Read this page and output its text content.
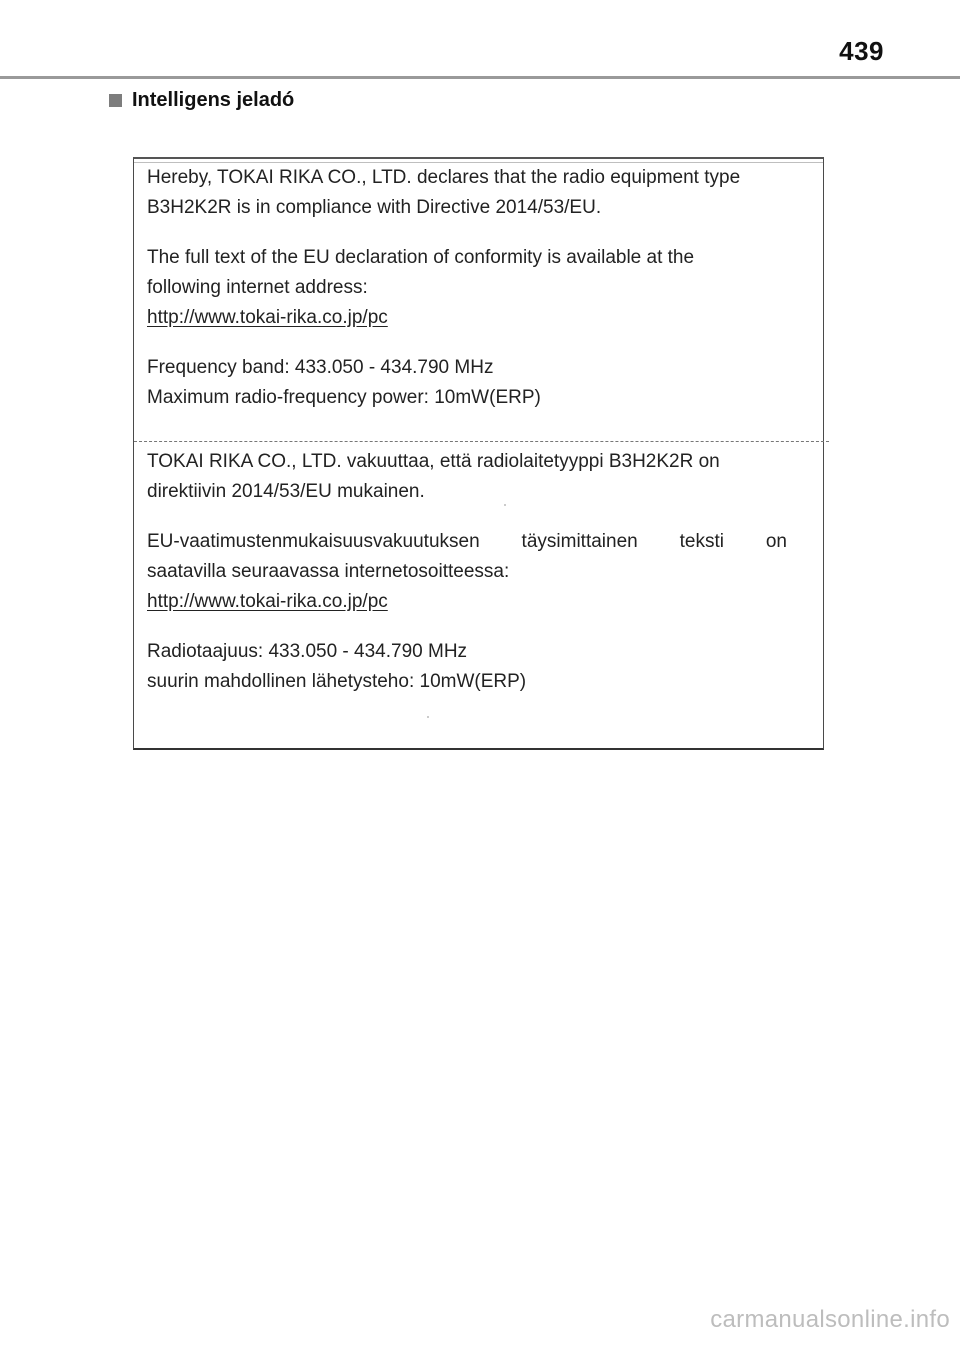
439
Intelligens jeladó

Hereby, TOKAI RIKA CO., LTD. declares that the radio equipment type

B3H2K2R is in compliance with Directive 2014/53/EU.

The full text of the EU declaration of conformity is available at the

following internet address:

http://www.tokai-rika.co.jp/pc

Frequency band: 433.050 - 434.790 MHz

Maximum radio-frequency power: 10mW(ERP)

TOKAI RIKA CO., LTD. vakuuttaa, että radiolaitetyyppi B3H2K2R on

direktiivin 2014/53/EU mukainen.

EU-vaatimustenmukaisuusvakuutuksen täysimittainen teksti on

saatavilla seuraavassa internetosoitteessa:

http://www.tokai-rika.co.jp/pc

Radiotaajuus: 433.050 - 434.790 MHz

suurin mahdollinen lähetysteho: 10mW(ERP)

carmanualsonline.info
